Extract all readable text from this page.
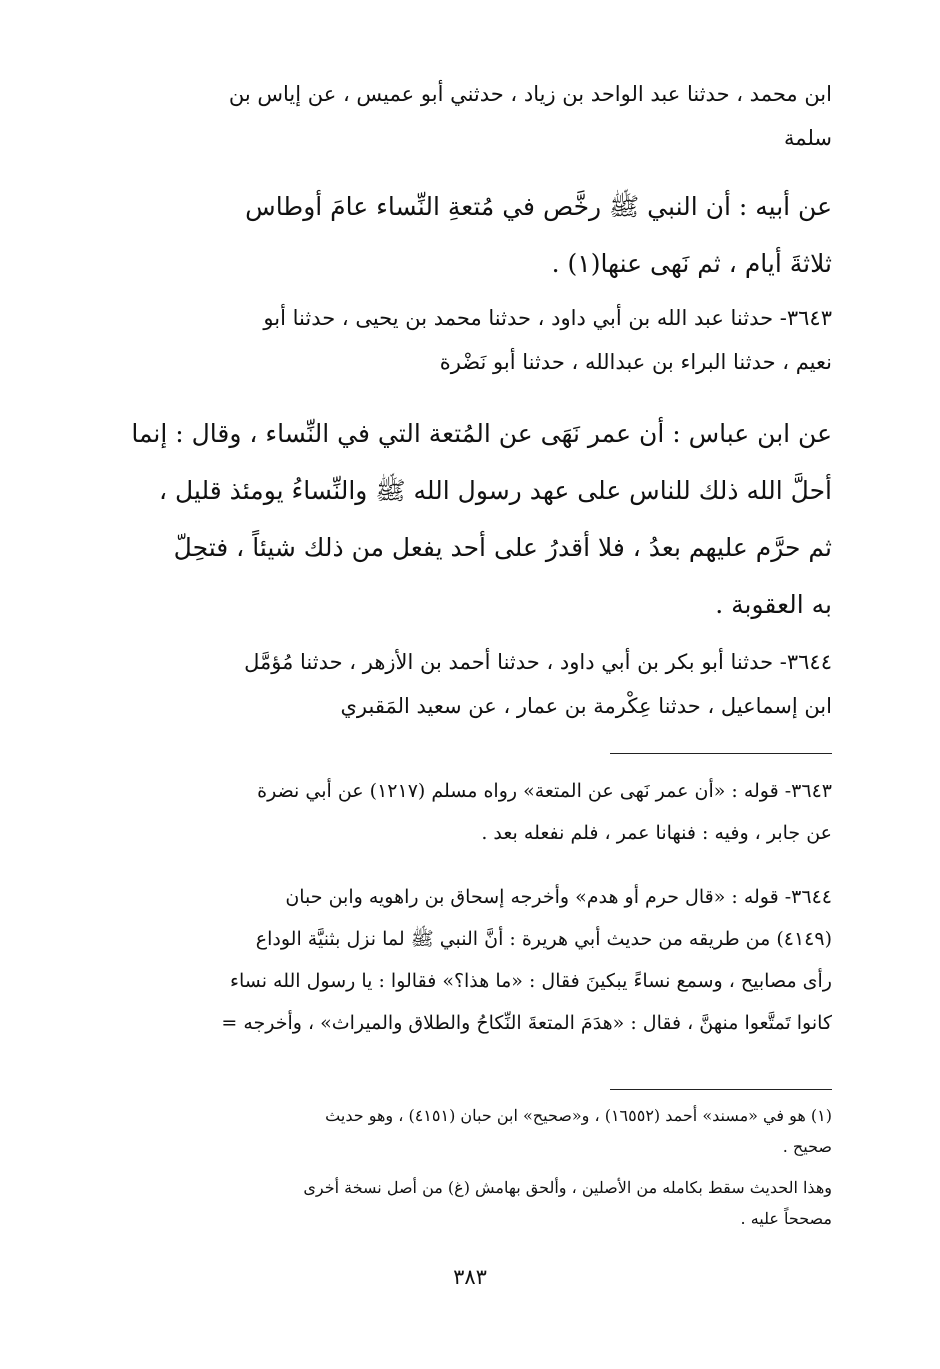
ابن محمد ، حدثنا عبد الواحد بن زياد ، حدثني أبو عميس ، عن إياس بن
سلمة
عن أبيه : أن النبي ﷺ رخَّص في مُتعةِ النِّساء عامَ أوطاس
ثلاثةَ أيام ، ثم نَهى عنها(١) .
٣٦٤٣- حدثنا عبد الله بن أبي داود ، حدثنا محمد بن يحيى ، حدثنا أبو
نعيم ، حدثنا البراء بن عبدالله ، حدثنا أبو نَضْرة
عن ابن عباس : أن عمر نَهَى عن المُتعة التي في النِّساء ، وقال : إنما
أحلَّ الله ذلك للناس على عهد رسول الله ﷺ والنِّساءُ يومئذ قليل ،
ثم حرَّم عليهم بعدُ ، فلا أقدرُ على أحد يفعل من ذلك شيئاً ، فتحِلّ
به العقوبة .
٣٦٤٤- حدثنا أبو بكر بن أبي داود ، حدثنا أحمد بن الأزهر ، حدثنا مُؤمَّل
ابن إسماعيل ، حدثنا عِكْرمة بن عمار ، عن سعيد المَقبري
٣٦٤٣- قوله : «أن عمر نَهى عن المتعة» رواه مسلم (١٢١٧) عن أبي نضرة
عن جابر ، وفيه : فنهانا عمر ، فلم نفعله بعد .
٣٦٤٤- قوله : «قال حرم أو هدم» وأخرجه إسحاق بن راهويه وابن حبان
(٤١٤٩) من طريقه من حديث أبي هريرة : أنَّ النبي ﷺ لما نزل بثنيَّة الوداع
رأى مصابيح ، وسمع نساءً يبكينَ فقال : «ما هذا؟» فقالوا : يا رسول الله نساء
كانوا تَمتَّعوا منهنَّ ، فقال : «هدَمَ المتعةَ النِّكاحُ والطلاق والميراث» ، وأخرجه =
(١) هو في «مسند» أحمد (١٦٥٥٢) ، و«صحيح» ابن حبان (٤١٥١) ، وهو حديث
صحيح .
وهذا الحديث سقط بكامله من الأصلين ، وألحق بهامش (غ) من أصل نسخة أخرى
مصححاً عليه .
٣٨٣
